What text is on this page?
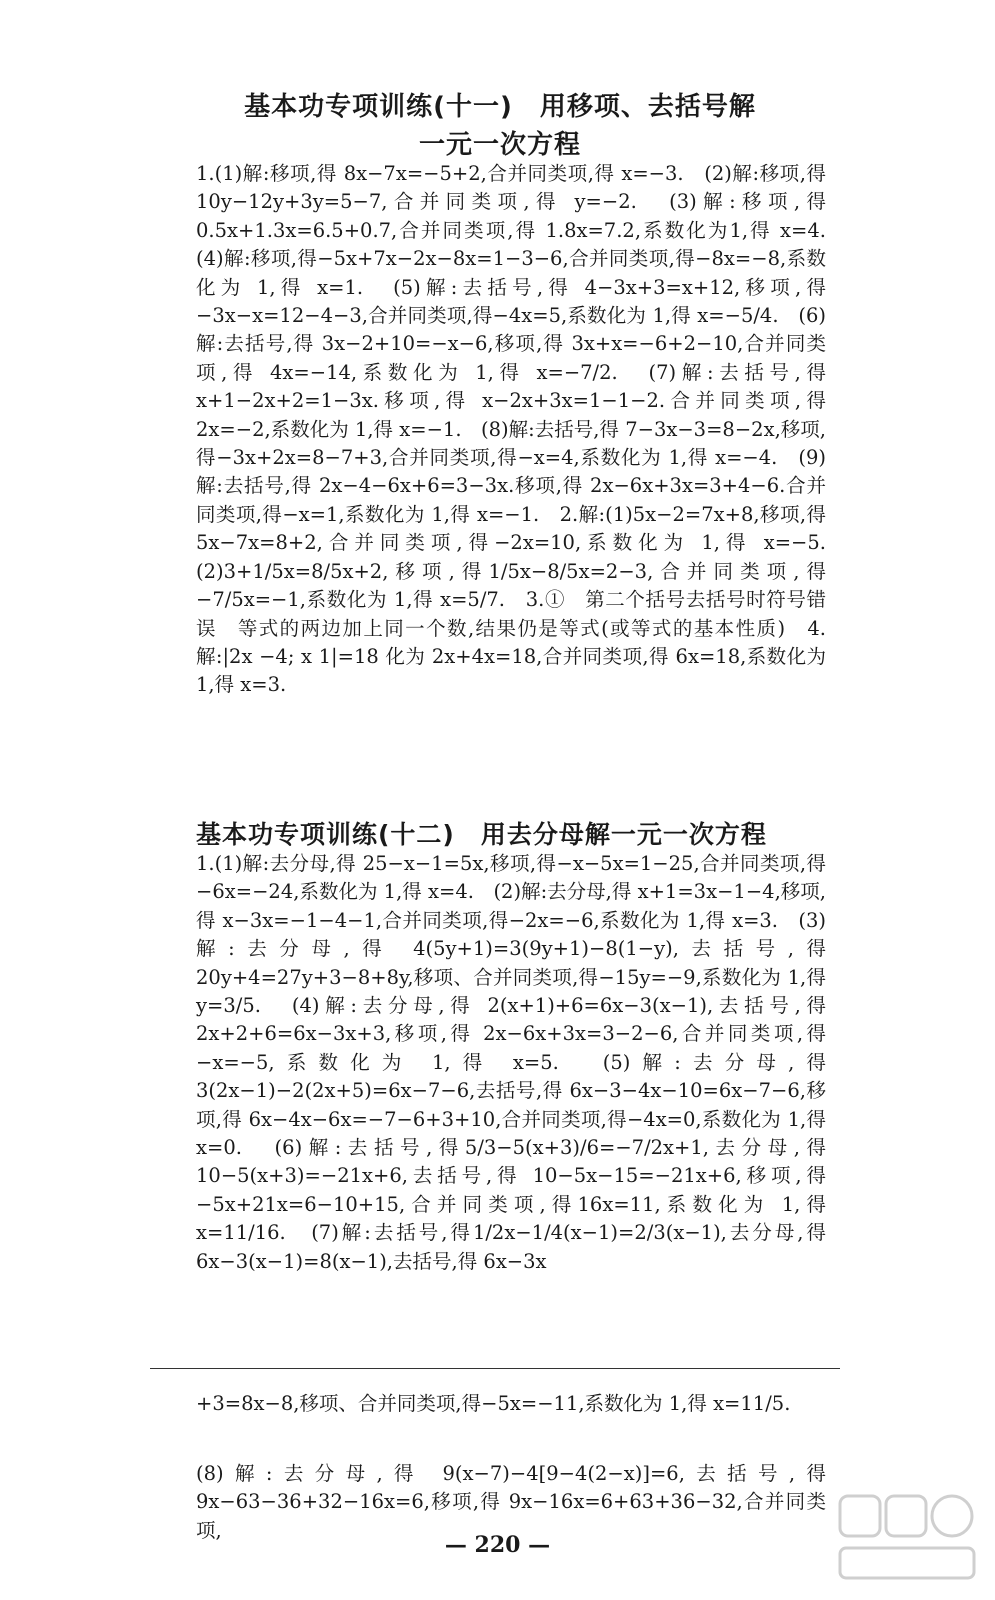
基本功专项训练(十一)　用移项、去括号解
一元一次方程
1.(1)解:移项,得 8x−7x=−5+2,合并同类项,得 x=−3.　(2)解:移项,得 10y−12y+3y=5−7,合并同类项,得 y=−2.　(3)解:移项,得 0.5x+1.3x=6.5+0.7,合并同类项,得 1.8x=7.2,系数化为1,得 x=4.　(4)解:移项,得−5x+7x−2x−8x=1−3−6,合并同类项,得−8x=−8,系数化为 1,得 x=1.　(5)解:去括号,得 4−3x+3=x+12,移项,得−3x−x=12−4−3,合并同类项,得−4x=5,系数化为 1,得 x=−5/4.　(6)解:去括号,得 3x−2+10=−x−6,移项,得 3x+x=−6+2−10,合并同类项,得 4x=−14,系数化为 1,得 x=−7/2.　(7)解:去括号,得 x+1−2x+2=1−3x.移项,得 x−2x+3x=1−1−2.合并同类项,得 2x=−2,系数化为 1,得 x=−1.　(8)解:去括号,得 7−3x−3=8−2x,移项,得−3x+2x=8−7+3,合并同类项,得−x=4,系数化为 1,得 x=−4.　(9)解:去括号,得 2x−4−6x+6=3−3x.移项,得 2x−6x+3x=3+4−6.合并同类项,得−x=1,系数化为 1,得 x=−1.　2.解:(1)5x−2=7x+8,移项,得 5x−7x=8+2,合并同类项,得−2x=10,系数化为 1,得 x=−5.　(2)3+1/5x=8/5x+2,移项,得1/5x−8/5x=2−3,合并同类项,得−7/5x=−1,系数化为 1,得 x=5/7.　3.①　第二个括号去括号时符号错误　等式的两边加上同一个数,结果仍是等式(或等式的基本性质)　4.解:|2x −4; x 1|=18 化为 2x+4x=18,合并同类项,得 6x=18,系数化为1,得 x=3.
基本功专项训练(十二)　用去分母解一元一次方程
1.(1)解:去分母,得 25−x−1=5x,移项,得−x−5x=1−25,合并同类项,得−6x=−24,系数化为 1,得 x=4.　(2)解:去分母,得 x+1=3x−1−4,移项,得 x−3x=−1−4−1,合并同类项,得−2x=−6,系数化为 1,得 x=3.　(3)解:去分母,得 4(5y+1)=3(9y+1)−8(1−y),去括号,得 20y+4=27y+3−8+8y,移项、合并同类项,得−15y=−9,系数化为 1,得 y=3/5.　(4)解:去分母,得 2(x+1)+6=6x−3(x−1),去括号,得 2x+2+6=6x−3x+3,移项,得 2x−6x+3x=3−2−6,合并同类项,得−x=−5,系数化为 1,得 x=5.　(5)解:去分母,得 3(2x−1)−2(2x+5)=6x−7−6,去括号,得 6x−3−4x−10=6x−7−6,移项,得 6x−4x−6x=−7−6+3+10,合并同类项,得−4x=0,系数化为 1,得 x=0.　(6)解:去括号,得5/3−5(x+3)/6=−7/2x+1,去分母,得 10−5(x+3)=−21x+6,去括号,得 10−5x−15=−21x+6,移项,得−5x+21x=6−10+15,合并同类项,得16x=11,系数化为 1,得 x=11/16.　(7)解:去括号,得1/2x−1/4(x−1)=2/3(x−1),去分母,得 6x−3(x−1)=8(x−1),去括号,得 6x−3x
+3=8x−8,移项、合并同类项,得−5x=−11,系数化为 1,得 x=11/5.
(8)解:去分母,得 9(x−7)−4[9−4(2−x)]=6,去括号,得 9x−63−36+32−16x=6,移项,得 9x−16x=6+63+36−32,合并同类项,
— 220 —
